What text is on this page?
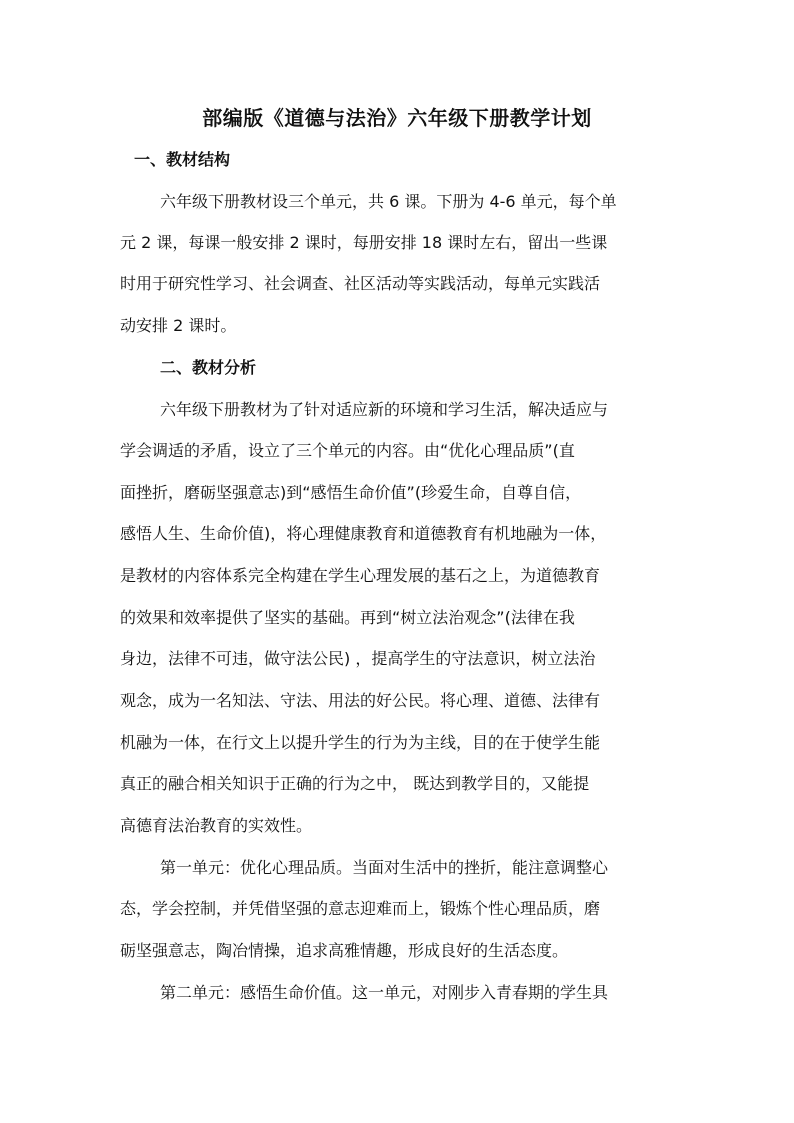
部编版《道德与法治》六年级下册教学计划
一、教材结构
六年级下册教材设三个单元，共 6 课。下册为 4-6 单元，每个单
元 2 课，每课一般安排 2 课时，每册安排 18 课时左右，留出一些课
时用于研究性学习、社会调查、社区活动等实践活动，每单元实践活
动安排 2 课时。
二、教材分析
六年级下册教材为了针对适应新的环境和学习生活，解决适应与
学会调适的矛盾，设立了三个单元的内容。由“优化心理品质”(直
面挫折，磨砺坚强意志)到“感悟生命价值”(珍爱生命，自尊自信，
感悟人生、生命价值)，将心理健康教育和道德教育有机地融为一体，
是教材的内容体系完全构建在学生心理发展的基石之上，为道德教育
的效果和效率提供了坚实的基础。再到“树立法治观念”(法律在我
身边，法律不可违，做守法公民) ，提高学生的守法意识，树立法治
观念，成为一名知法、守法、用法的好公民。将心理、道德、法律有
机融为一体，在行文上以提升学生的行为为主线，目的在于使学生能
真正的融合相关知识于正确的行为之中， 既达到教学目的，又能提
高德育法治教育的实效性。
第一单元：优化心理品质。当面对生活中的挫折，能注意调整心
态，学会控制，并凭借坚强的意志迎难而上，锻炼个性心理品质，磨
砺坚强意志，陶冶情操，追求高雅情趣，形成良好的生活态度。
第二单元：感悟生命价值。这一单元，对刚步入青春期的学生具
